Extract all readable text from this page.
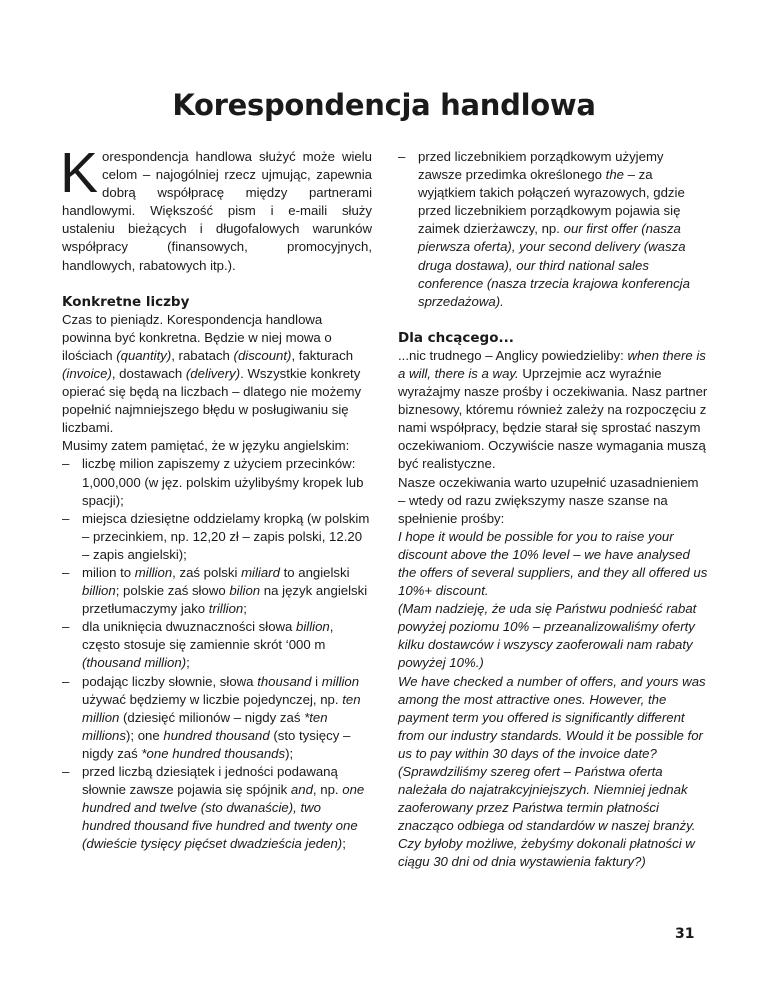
Korespondencja handlowa

Korespondencja handlowa służyć może wielu celom – najogólniej rzecz ujmując, zapewnia dobrą współpracę między partnerami handlowymi. Większość pism i e-maili służy ustaleniu bieżących i długofalowych warunków współpracy (finansowych, promocyjnych, handlowych, rabatowych itp.).

Konkretne liczby

Czas to pieniądz. Korespondencja handlowa powinna być konkretna. Będzie w niej mowa o ilościach (quantity), rabatach (discount), fakturach (invoice), dostawach (delivery). Wszystkie konkrety opierać się będą na liczbach – dlatego nie możemy popełnić najmniejszego błędu w posługiwaniu się liczbami.

Musimy zatem pamiętać, że w języku angielskim:

– liczbę milion zapiszemy z użyciem przecinków: 1,000,000 (w jęz. polskim użylibyśmy kropek lub spacji);
– miejsca dziesiętne oddzielamy kropką (w polskim – przecinkiem, np. 12,20 zł – zapis polski, 12.20 – zapis angielski);
– milion to million, zaś polski miliard to angielski billion; polskie zaś słowo bilion na język angielski przetłumaczymy jako trillion;
– dla uniknięcia dwuznaczności słowa billion, często stosuje się zamiennie skrót ‘000 m (thousand million);
– podając liczby słownie, słowa thousand i million używać będziemy w liczbie pojedynczej, np. ten million (dziesięć milionów – nigdy zaś *ten millions); one hundred thousand (sto tysięcy – nigdy zaś *one hundred thousands);
– przed liczbą dziesiątek i jedności podawaną słownie zawsze pojawia się spójnik and, np. one hundred and twelve (sto dwanaście), two hundred thousand five hundred and twenty one (dwieście tysięcy pięćset dwadzieścia jeden);
– przed liczebnikiem porządkowym użyjemy zawsze przedimka określonego the – za wyjątkiem takich połączeń wyrazowych, gdzie przed liczebnikiem porządkowym pojawia się zaimek dzierżawczy, np. our first offer (nasza pierwsza oferta), your second delivery (wasza druga dostawa), our third national sales conference (nasza trzecia krajowa konferencja sprzedażowa).
Dla chcącego...

...nic trudnego – Anglicy powiedzieliby: when there is a will, there is a way. Uprzejmie acz wyraźnie wyrażajmy nasze prośby i oczekiwania. Nasz partner biznesowy, któremu również zależy na rozpoczęciu z nami współpracy, będzie starał się sprostać naszym oczekiwaniom. Oczywiście nasze wymagania muszą być realistyczne.

Nasze oczekiwania warto uzupełnić uzasadnieniem – wtedy od razu zwiększymy nasze szanse na spełnienie prośby:

I hope it would be possible for you to raise your discount above the 10% level – we have analysed the offers of several suppliers, and they all offered us 10%+ discount.

(Mam nadzieję, że uda się Państwu podnieść rabat powyżej poziomu 10% – przeanalizowaliśmy oferty kilku dostawców i wszyscy zaoferowali nam rabaty powyżej 10%.)

We have checked a number of offers, and yours was among the most attractive ones. However, the payment term you offered is significantly different from our industry standards. Would it be possible for us to pay within 30 days of the invoice date?

(Sprawdziliśmy szereg ofert – Państwa oferta należała do najatrakcyjniejszych. Niemniej jednak zaoferowany przez Państwa termin płatności znacząco odbiega od standardów w naszej branży. Czy byłoby możliwe, żebyśmy dokonali płatności w ciągu 30 dni od dnia wystawienia faktury?)

31
